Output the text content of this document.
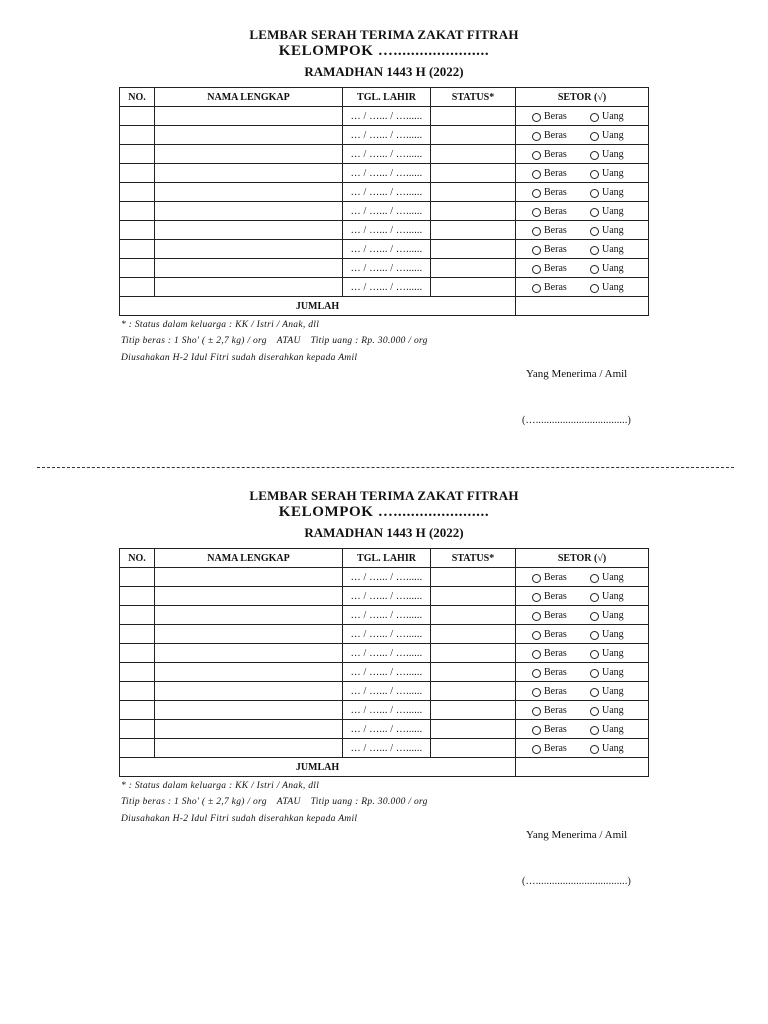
LEMBAR SERAH TERIMA ZAKAT FITRAH
KELOMPOK …......................
RAMADHAN 1443 H (2022)
NO.	NAMA LENGKAP	TGL. LAHIR	STATUS*	SETOR (√)
		… / …... / …......		Beras Uang
		… / …... / …......		Beras Uang
		… / …... / …......		Beras Uang
		… / …... / …......		Beras Uang
		… / …... / …......		Beras Uang
		… / …... / …......		Beras Uang
		… / …... / …......		Beras Uang
		… / …... / …......		Beras Uang
		… / …... / …......		Beras Uang
		… / …... / …......		Beras Uang
JUMLAH				
* : Status dalam keluarga : KK / Istri / Anak, dll
Titip beras : 1 Sho' ( ± 2,7 kg) / org ATAU Titip uang : Rp. 30.000 / org
Diusahakan H-2 Idul Fitri sudah diserahkan kepada Amil
Yang Menerima / Amil
(…..................................)
LEMBAR SERAH TERIMA ZAKAT FITRAH
KELOMPOK …......................
RAMADHAN 1443 H (2022)
NO.	NAMA LENGKAP	TGL. LAHIR	STATUS*	SETOR (√)
		… / …... / …......		Beras Uang
		… / …... / …......		Beras Uang
		… / …... / …......		Beras Uang
		… / …... / …......		Beras Uang
		… / …... / …......		Beras Uang
		… / …... / …......		Beras Uang
		… / …... / …......		Beras Uang
		… / …... / …......		Beras Uang
		… / …... / …......		Beras Uang
		… / …... / …......		Beras Uang
JUMLAH				
* : Status dalam keluarga : KK / Istri / Anak, dll
Titip beras : 1 Sho' ( ± 2,7 kg) / org ATAU Titip uang : Rp. 30.000 / org
Diusahakan H-2 Idul Fitri sudah diserahkan kepada Amil
Yang Menerima / Amil
(…..................................)
